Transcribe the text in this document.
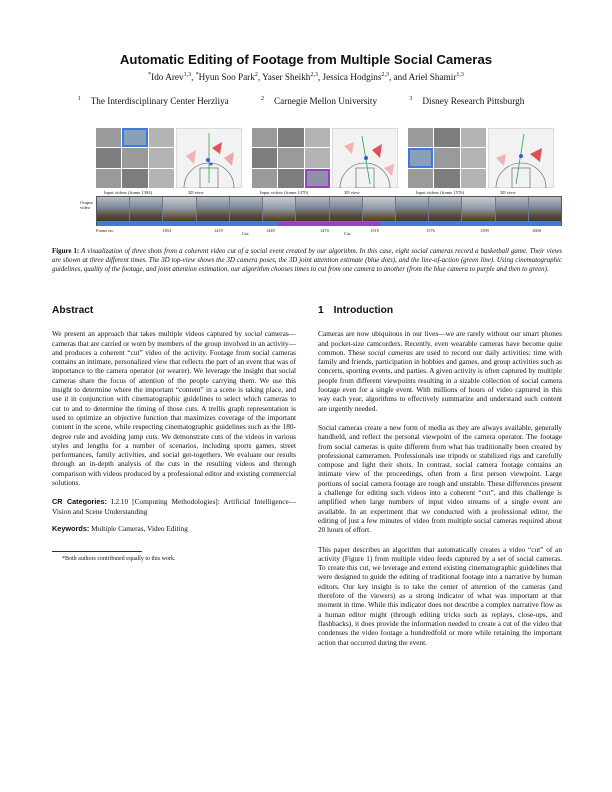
Automatic Editing of Footage from Multiple Social Cameras
*Ido Arev$^{1,3}$, *Hyun Soo Park$^2$, Yaser Sheikh$^{2,3}$, Jessica Hodgins$^{2,3}$, and Ariel Shamir$^{1,3}$
$^1$ The Interdisciplinary Center Herzliya	$^2$ Carnegie Mellon University	$^3$ Disney Research Pittsburgh
Input videos (frame 1384)	3D view	Input videos (frame 1470)	3D view	Input videos (frame 1576)	3D view
Output video
Frame no.	1384	1419	1449	1470	1518	1576	1599	1608
Cut	Cut
Figure 1: A visualization of three shots from a coherent video cut of a social event created by our algorithm. In this case, eight social cameras record a basketball game. Their views are shown at three different times. The 3D top-view shows the 3D camera poses, the 3D joint attention estimate (blue dots), and the line-of-action (green line). Using cinematographic guidelines, quality of the footage, and joint attention estimation, our algorithm chooses times to cut from one camera to another (from the blue camera to purple and then to green).
Abstract
We present an approach that takes multiple videos captured by social cameras—cameras that are carried or worn by members of the group involved in an activity—and produces a coherent “cut” video of the activity. Footage from social cameras contains an intimate, personalized view that reflects the part of an event that was of importance to the camera operator (or wearer). We leverage the insight that social cameras share the focus of attention of the people carrying them. We use this insight to determine where the important “content” in a scene is taking place, and use it in conjunction with cinematographic guidelines to select which cameras to cut to and to determine the timing of those cuts. A trellis graph representation is used to optimize an objective function that maximizes coverage of the important content in the scene, while respecting cinematographic guidelines such as the 180-degree rule and avoiding jump cuts. We demonstrate cuts of the videos in various styles and lengths for a number of scenarios, including sports games, street performances, family activities, and social get-togethers. We evaluate our results through an in-depth analysis of the cuts in the resulting videos and through comparison with videos produced by a professional editor and existing commercial solutions.
CR Categories: I.2.10 [Computing Methodologies]: Artificial Intelligence—Vision and Scene Understanding
Keywords: Multiple Cameras, Video Editing
*Both authors contributed equally to this work.
1 Introduction
Cameras are now ubiquitous in our lives—we are rarely without our smart phones and pocket-size camcorders. Recently, even wearable cameras have become quite common. These social cameras are used to record our daily activities: time with family and friends, participation in hobbies and games, and group activities such as concerts, sporting events, and parties. A given activity is often captured by multiple people from different viewpoints resulting in a sizable collection of social camera footage even for a single event. With millions of hours of video captured in this way each year, algorithms to effectively summarize and understand such content are urgently needed.
Social cameras create a new form of media as they are always available, generally handheld, and reflect the personal viewpoint of the camera operator. The footage from social cameras is quite different from what has traditionally been created by professional cameramen. Professionals use tripods or stabilized rigs and carefully compose and light their shots. In contrast, social camera footage contains an intimate view of the proceedings, often from a first person viewpoint. Large portions of social camera footage are rough and unstable. These differences present a challenge for editing such videos into a coherent “cut”, and this challenge is amplified when large numbers of input video streams of a single event are available. In an experiment that we conducted with a professional editor, the editing of just a few minutes of video from multiple social cameras required about 20 hours of effort.
This paper describes an algorithm that automatically creates a video “cut” of an activity (Figure 1) from multiple video feeds captured by a set of social cameras. To create this cut, we leverage and extend existing cinematographic guidelines that were designed to guide the editing of traditional footage into a narrative by human editors. Our key insight is to take the center of attention of the cameras (and therefore of the viewers) as a strong indicator of what was important at that moment in time. While this indicator does not describe a complex narrative flow as a human editor might (through editing tricks such as replays, close-ups, and flashbacks), it does provide the information needed to create a cut of the video that condenses the video footage a hundredfold or more while retaining the important action that occurred during the event.
